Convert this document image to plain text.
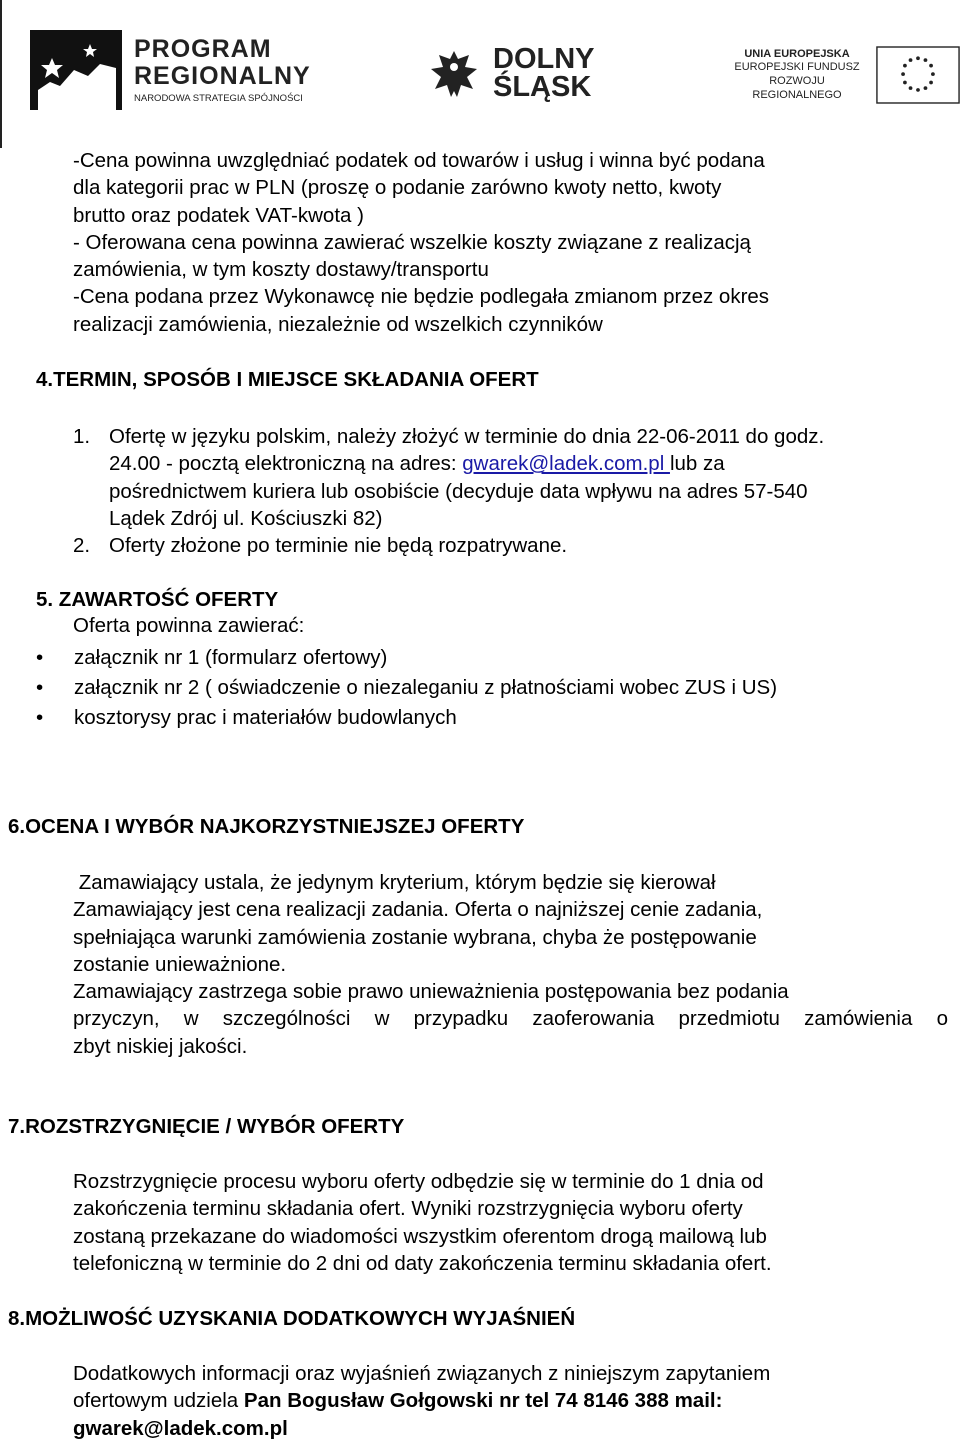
PROGRAM
REGIONALNY
NARODOWA STRATEGIA SPÓJNOŚCI
DOLNY
ŚLĄSK
UNIA EUROPEJSKA
EUROPEJSKI FUNDUSZ
ROZWOJU REGIONALNEGO
-Cena powinna uwzględniać podatek od towarów i usług i winna być podana
dla kategorii prac w PLN (proszę o podanie zarówno kwoty netto, kwoty
brutto oraz podatek VAT-kwota )
- Oferowana cena powinna zawierać wszelkie koszty związane z realizacją
zamówienia, w tym koszty dostawy/transportu
-Cena podana przez Wykonawcę nie będzie podlegała zmianom przez okres
realizacji zamówienia, niezależnie od wszelkich czynników
4.TERMIN, SPOSÓB I MIEJSCE SKŁADANIA OFERT
1. Ofertę w języku polskim, należy złożyć w terminie do dnia 22-06-2011 do godz.
24.00 - pocztą elektroniczną na adres: gwarek@ladek.com.pl lub za
pośrednictwem kuriera lub osobiście (decyduje data wpływu na adres 57-540
Lądek Zdrój ul. Kościuszki 82)
2. Oferty złożone po terminie nie będą rozpatrywane.
5. ZAWARTOŚĆ OFERTY
Oferta powinna zawierać:
• załącznik nr 1 (formularz ofertowy)
• załącznik nr 2 ( oświadczenie o niezaleganiu z płatnościami wobec ZUS i US)
• kosztorysy prac i materiałów budowlanych
6.OCENA I WYBÓR NAJKORZYSTNIEJSZEJ OFERTY
Zamawiający ustala, że jedynym kryterium, którym będzie się kierował
Zamawiający jest cena realizacji zadania. Oferta o najniższej cenie zadania,
spełniająca warunki zamówienia zostanie wybrana, chyba że postępowanie
zostanie unieważnione.
Zamawiający zastrzega sobie prawo unieważnienia postępowania bez podania
przyczyn, w szczególności w przypadku zaoferowania przedmiotu zamówienia o
zbyt niskiej jakości.
7.ROZSTRZYGNIĘCIE / WYBÓR OFERTY
Rozstrzygnięcie procesu wyboru oferty odbędzie się w terminie do 1 dnia od
zakończenia terminu składania ofert. Wyniki rozstrzygnięcia wyboru oferty
zostaną przekazane do wiadomości wszystkim oferentom drogą mailową lub
telefoniczną w terminie do 2 dni od daty zakończenia terminu składania ofert.
8.MOŻLIWOŚĆ UZYSKANIA DODATKOWYCH WYJAŚNIEŃ
Dodatkowych informacji oraz wyjaśnień związanych z niniejszym zapytaniem
ofertowym udziela Pan Bogusław Gołgowski nr tel 74 8146 388 mail:
gwarek@ladek.com.pl
